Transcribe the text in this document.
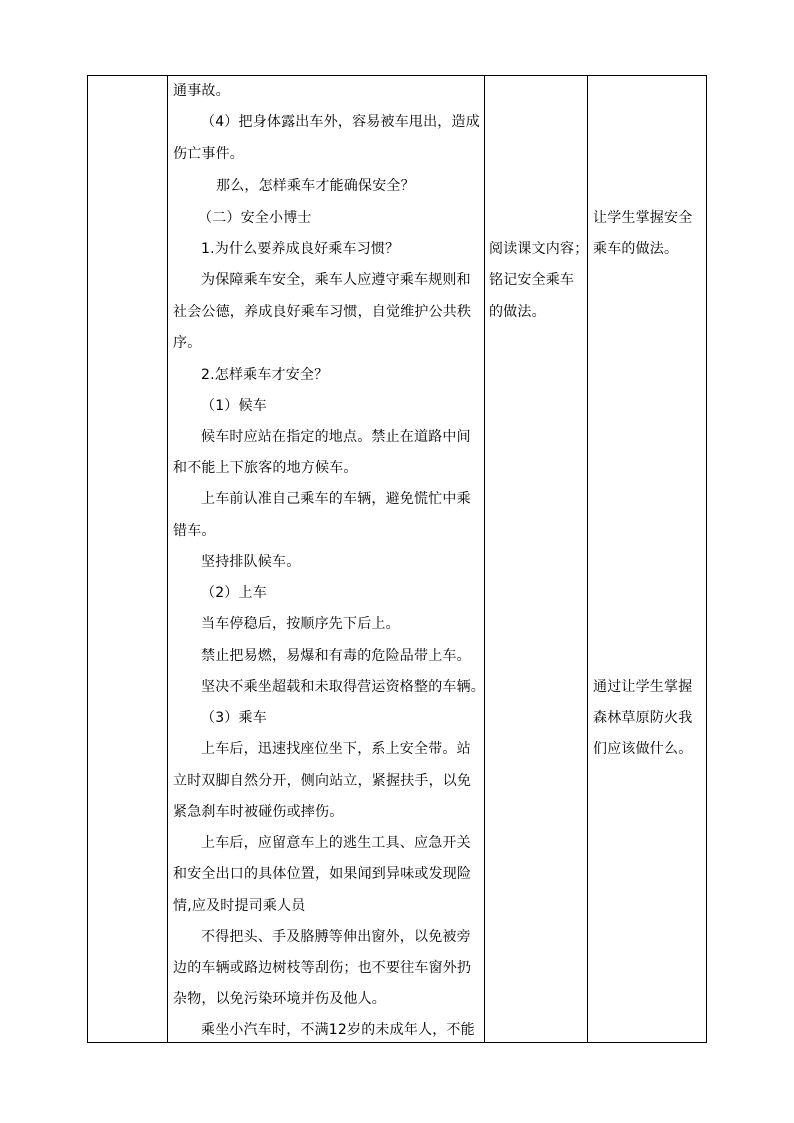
通事故。
（4）把身体露出车外，容易被车甩出，造成
伤亡事件。
那么，怎样乘车才能确保安全？
（二）安全小博士
1.为什么要养成良好乘车习惯？
为保障乘车安全，乘车人应遵守乘车规则和
社会公德，养成良好乘车习惯，自觉维护公共秩
序。
2.怎样乘车才安全？
（1）候车
候车时应站在指定的地点。禁止在道路中间
和不能上下旅客的地方候车。
上车前认准自己乘车的车辆，避免慌忙中乘
错车。
坚持排队候车。
（2）上车
当车停稳后，按顺序先下后上。
禁止把易燃，易爆和有毒的危险品带上车。
坚决不乘坐超载和未取得营运资格整的车辆。
（3）乘车
上车后，迅速找座位坐下，系上安全带。站
立时双脚自然分开，侧向站立，紧握扶手，以免
紧急刹车时被碰伤或摔伤。
上车后，应留意车上的逃生工具、应急开关
和安全出口的具体位置，如果闻到异味或发现险
情,应及时提司乘人员
不得把头、手及胳膊等伸出窗外，以免被旁
边的车辆或路边树枝等刮伤；也不要往车窗外扔
杂物，以免污染环境并伤及他人。
乘坐小汽车时，不满12岁的未成年人，不能
阅读课文内容；
铭记安全乘车
的做法。
让学生掌握安全
乘车的做法。
通过让学生掌握
森林草原防火我
们应该做什么。
